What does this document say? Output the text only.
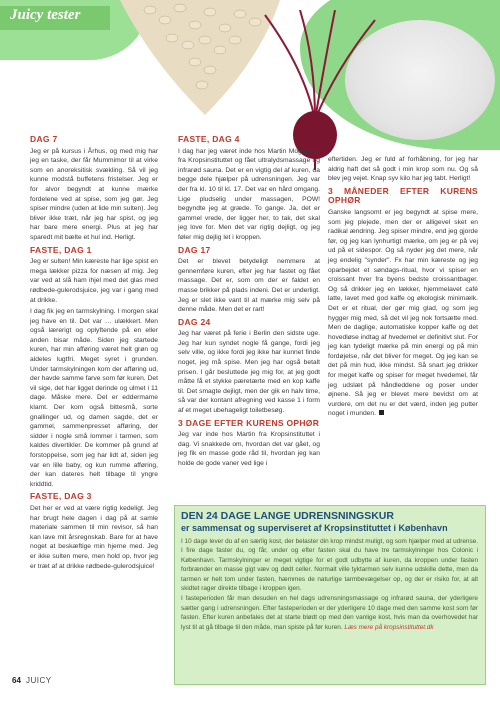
Juicy tester
DAG 7

Jeg er på kursus i Århus, og med mig har jeg en taske, der får Mummimor til at virke som en anoreksitisk svækling. Så vil jeg kunne modstå buffetens fristelser. Jeg er for alvor begyndt at kunne mærke fordelene ved at spise, som jeg gør. Jeg spiser mindre (uden at lide min sulten). Jeg bliver ikke træt, når jeg har spist, og jeg har bare mere energi. Plus at jeg har sparedt mit bælte et hul ind. Herligt.

FASTE, DAG 1

Jeg er sulten! Min kæreste har lige spist en mega lækker pizza for næsen af mig. Jeg var ved at slå ham ihjel med det glas med rødbede-gulerodsjuice, jeg var i gang med at drikke.

I dag fik jeg en tarmskylning. I morgen skal jeg have en til. Det var … ulækkert. Men også lærerigt og oplyftende på en eller anden bisar måde. Siden jeg startede kuren, har min afføring været helt grøn og aldeles lugtfri. Meget syret i grunden. Under tarmskylningen kom der afføring ud, der havde samme farve som før kuren. Det vil sige, det har ligget derinde og ulmet i 11 dage. Måske mere. Det er eddermame klamt. Der kom også bittesmå, sorte gnallinger ud, og damen sagde, det er gammel, sammenpresset afføring, der sidder i nogle små lommer i tarmen, som kaldes divertikler. De kommer på grund af forstoppelse, som jeg har lidt af, siden jeg var en lille baby, og kun rumme afføring, der kan dateres helt tilbage til yngre kriddtid.

FASTE, DAG 3

Det her er ved at være rigtig kedeligt. Jeg har brugt hele dagen i dag på at samle materiale sammen til min revisor, så han kan lave mit årsregnskab. Bare for at have noget at beskæftige min hjerne med. Jeg er ikke sulten mere, men hold op, hvor jeg er træt af at drikke rødbede-gulerodsjuice!

FASTE, DAG 4

I dag har jeg været inde hos Martin Mogensen fra Kropsinstituttet og fået ultralydsmassage og infrarød sauna. Det er en vigtig del af kuren, da begge dele hjælper på udrensningen. Jeg var der fra kl. 10 til kl. 17. Det var en hård omgang. Lige pludselig under massagen, POW! begyndte jeg at græde. To gange. Ja, det er gammel vrede, der ligger her, to tak, det skal jeg love for. Men det var rigtig dejligt, og jeg føler mig dejlig let i kroppen.

DAG 17

Det er blevet betydeligt nemmere at gennemføre kuren, efter jeg har fastet og fået massage. Det er, som om der er faldet en masse brikker på plads indeni. Det er underligt. Jeg er slet ikke vant til at mærke mig selv på denne måde. Men det er rart!

DAG 24

Jeg har været på ferie i Berlin den sidste uge. Jeg har kun syndet nogle få gange, fordi jeg selv ville, og ikke fordi jeg ikke har kunnet finde noget, jeg må spise. Men jeg har også betalt prisen. I går besluttede jeg mig for, at jeg godt måtte få et stykke pæretærte med en kop kaffe til. Det smagte dejligt, men der gik en halv time, så var der kontant afregning ved kasse 1 i form af et meget ubehageligt toiletbesøg.

3 DAGE EFTER KURENS OPHØR

Jeg var inde hos Martin fra Kropsinstituttet i dag. Vi snakkede om, hvordan det var gået, og jeg fik en masse gode råd til, hvordan jeg kan holde de gode vaner ved lige i

eftertiden. Jeg er fuld af forhåbning, for jeg har aldrig haft det så godt i min krop som nu. Og så blev jeg vejet. Knap syv kilo har jeg tabt. Herligt!

3 MÅNEDER EFTER KURENS OPHØR

Ganske langsomt er jeg begyndt at spise mere, som jeg plejede, men der er alligevel sket en radikal ændring. Jeg spiser mindre, end jeg gjorde før, og jeg kan lynhurtigt mærke, om jeg er på vej ud på et sidespor. Og så nyder jeg det mere, når jeg endelig "synder". Fx har min kæreste og jeg oparbejdet et søndags-ritual, hvor vi spiser en croissant hver fra byens bedste croissantbager. Og så drikker jeg en lækker, hjemmelavet café latte, lavet med god kaffe og økologisk minimælk. Det er et ritual, der gør mig glad, og som jeg hygger mig med, så det vil jeg nok fortsætte med. Men de daglige, automatiske kopper kaffe og det hovedløse indtag af hvedemel er definitivt slut. For jeg kan tydeligt mærke på min energi og på min fordøjelse, når det bliver for meget. Og jeg kan se det på min hud, ikke mindst. Så snart jeg drikker for meget kaffe og spiser for meget hvedemel, får jeg udslæt på håndleddene og poser under øjnene. Så jeg er blevet mere bevidst om at vurdere, om det nu er det værd, inden jeg putter noget i munden.

DEN 24 DAGE LANGE UDRENSNINGSKUR
er sammensat og superviseret af Kropsinstituttet i København

I 10 dage lever du af en særlig kost, der belaster din krop mindst muligt, og som hjælper med at udrense. I fire dage faster du, og får, under og efter fasten skal du have tre tarmskylninger hos Colonic i København. Tarmskylninger er meget vigtige for et godt udbytte af kuren, da kroppen under fasten forbrænder en masse gigt væv og dødt celler. Normalt ville tyktarmen selv kunne udskille dette, men da tarmen er helt tom under fasten, hæmmes de naturlige tarmbevægelser op, og der er risiko for, at alt skidtet rager direkte tilbage i kroppen igen.

I fasteperioden får man desuden en hel dags udrensningsmassage og infrarød sauna, der yderligere sætter gang i udrensningen. Efter fasteperioden er der yderligere 10 dage med den samme kost som før fasten. Efter kuren anbefales det at starte blødt op med den vanlige kost, hvis man da overhovedet har lyst til at gå tilbage til den måde, man spiste på før kuren. Læs mere på kropsinstituttet.dk

64 JUICY
